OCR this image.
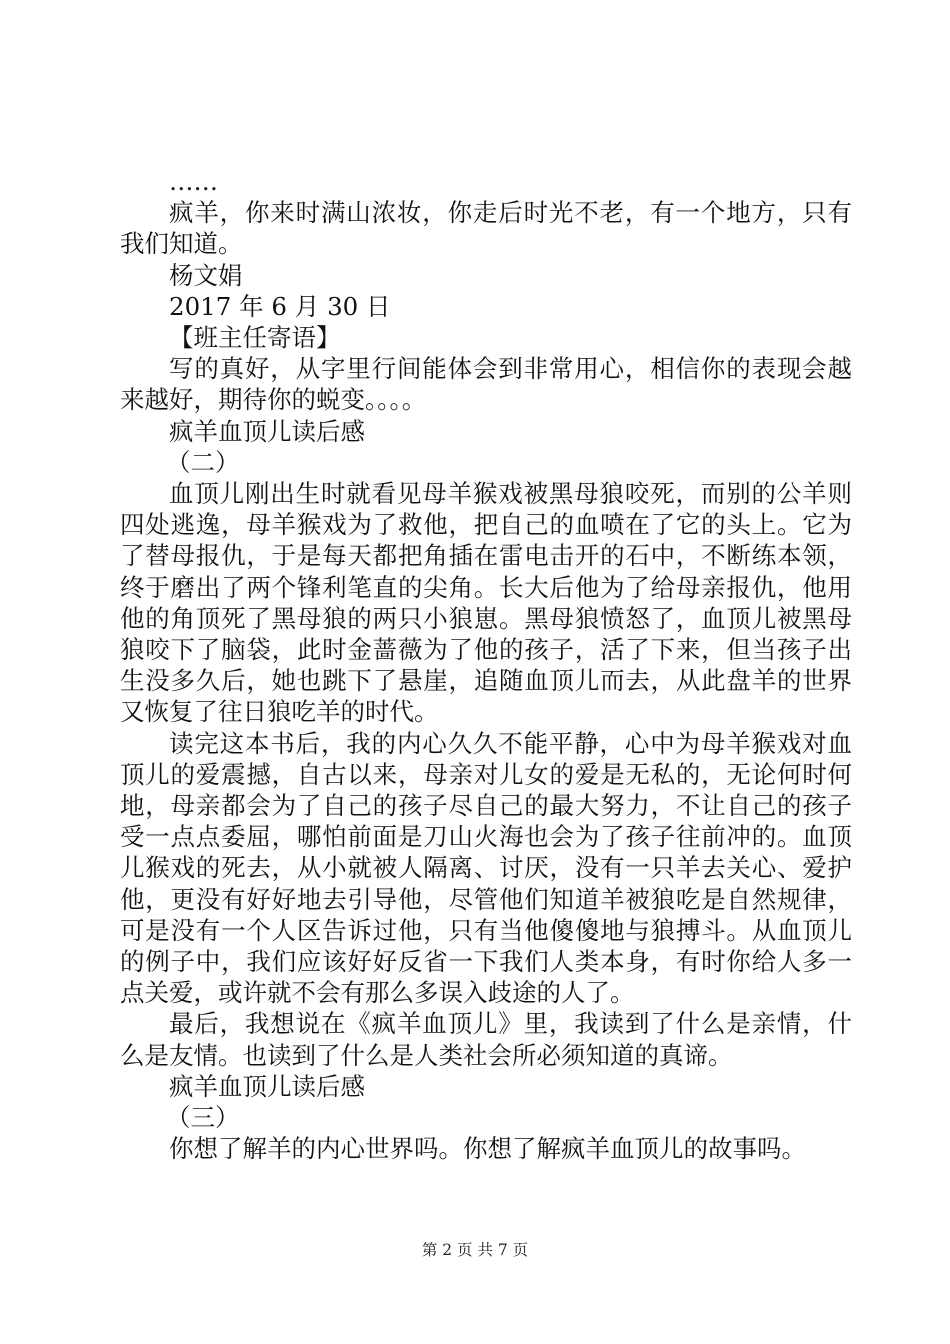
……

疯羊，你来时满山浓妆，你走后时光不老，有一个地方，只有我们知道。

杨文娟

2017 年 6 月 30 日

【班主任寄语】

写的真好，从字里行间能体会到非常用心，相信你的表现会越来越好，期待你的蜕变。。。。

疯羊血顶儿读后感

（二）

血顶儿刚出生时就看见母羊猴戏被黑母狼咬死，而别的公羊则四处逃逸，母羊猴戏为了救他，把自己的血喷在了它的头上。它为了替母报仇，于是每天都把角插在雷电击开的石中，不断练本领，终于磨出了两个锋利笔直的尖角。长大后他为了给母亲报仇，他用他的角顶死了黑母狼的两只小狼崽。黑母狼愤怒了，血顶儿被黑母狼咬下了脑袋，此时金蔷薇为了他的孩子，活了下来，但当孩子出生没多久后，她也跳下了悬崖，追随血顶儿而去，从此盘羊的世界又恢复了往日狼吃羊的时代。

读完这本书后，我的内心久久不能平静，心中为母羊猴戏对血顶儿的爱震撼，自古以来，母亲对儿女的爱是无私的，无论何时何地，母亲都会为了自己的孩子尽自己的最大努力，不让自己的孩子受一点点委屈，哪怕前面是刀山火海也会为了孩子往前冲的。血顶儿猴戏的死去，从小就被人隔离、讨厌，没有一只羊去关心、爱护他，更没有好好地去引导他，尽管他们知道羊被狼吃是自然规律，可是没有一个人区告诉过他，只有当他傻傻地与狼搏斗。从血顶儿的例子中，我们应该好好反省一下我们人类本身，有时你给人多一点关爱，或许就不会有那么多误入歧途的人了。

最后，我想说在《疯羊血顶儿》里，我读到了什么是亲情，什么是友情。也读到了什么是人类社会所必须知道的真谛。

疯羊血顶儿读后感

（三）

你想了解羊的内心世界吗。你想了解疯羊血顶儿的故事吗。

第 2 页 共 7 页
